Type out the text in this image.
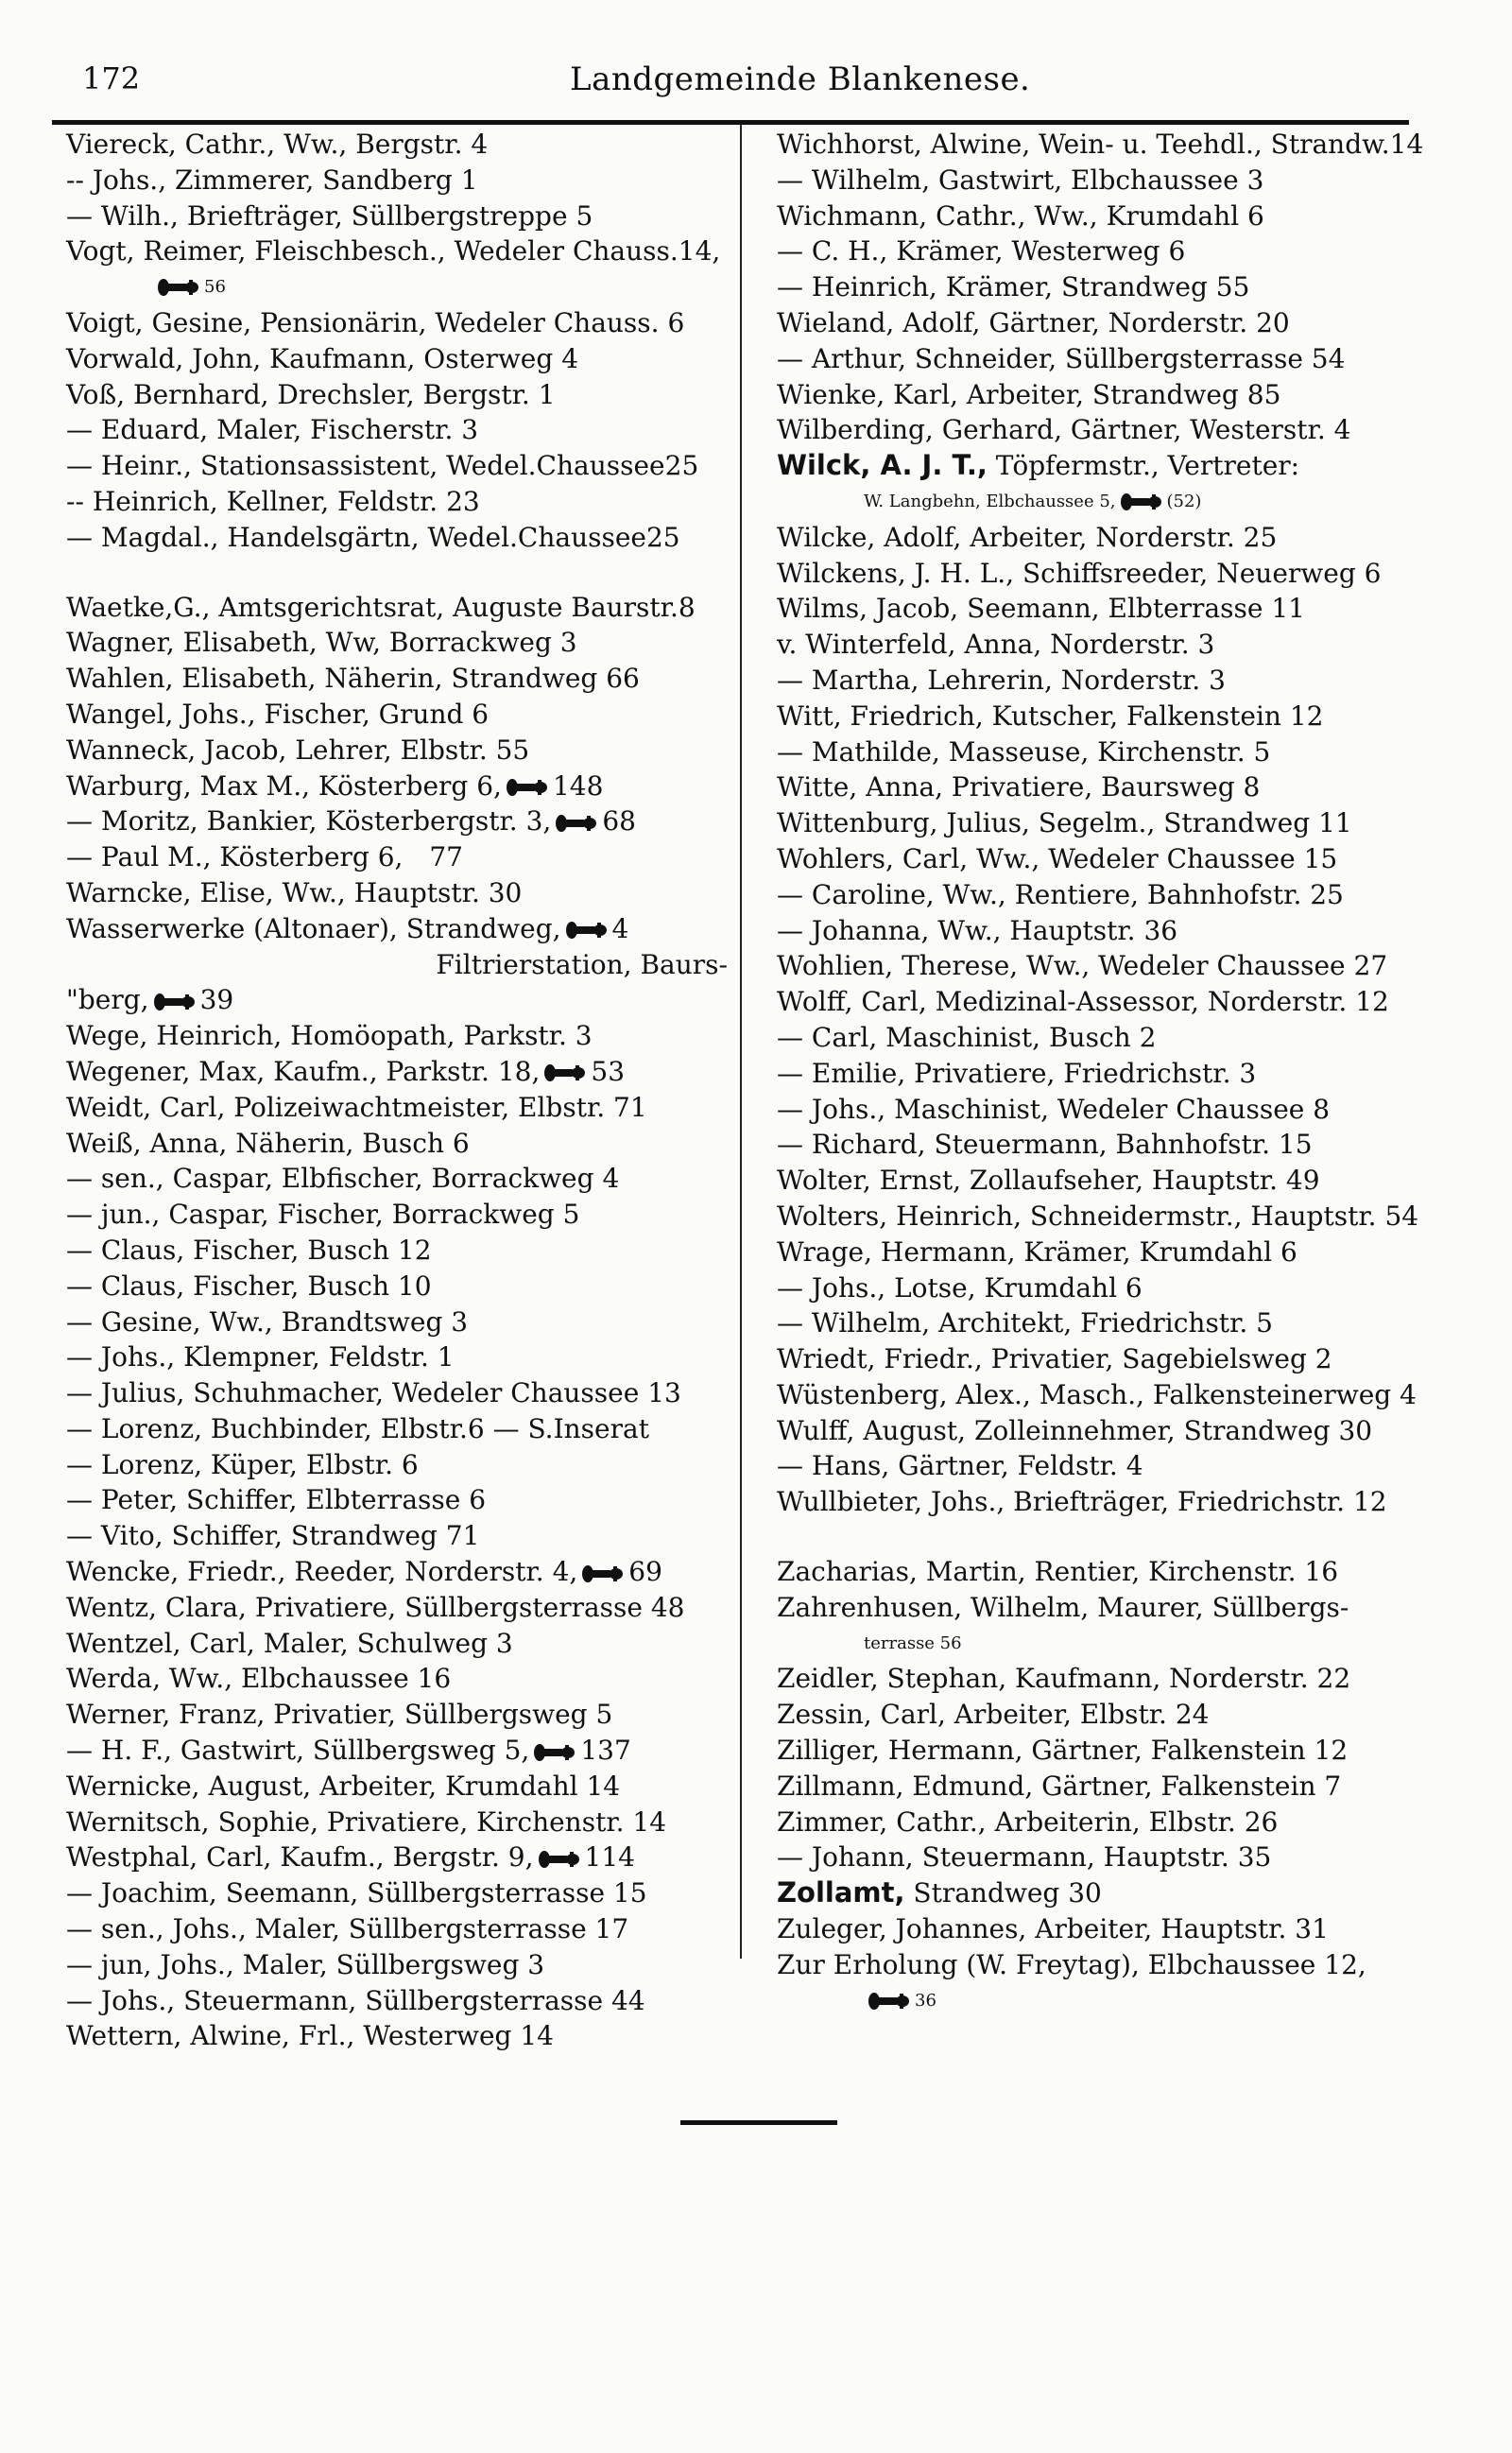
172	Landgemeinde Blankenese.
Viereck, Cathr., Ww., Bergstr. 4
-- Johs., Zimmerer, Sandberg 1
— Wilh., Briefträger, Süllbergstreppe 5
Vogt, Reimer, Fleischbesch., Wedeler Chauss.14,
56
Voigt, Gesine, Pensionärin, Wedeler Chauss. 6
Vorwald, John, Kaufmann, Osterweg 4
Voß, Bernhard, Drechsler, Bergstr. 1
— Eduard, Maler, Fischerstr. 3
— Heinr., Stationsassistent, Wedel.Chaussee25
-- Heinrich, Kellner, Feldstr. 23
— Magdal., Handelsgärtn, Wedel.Chaussee25
Waetke,G., Amtsgerichtsrat, Auguste Baurstr.8
Wagner, Elisabeth, Ww, Borrackweg 3
Wahlen, Elisabeth, Näherin, Strandweg 66
Wangel, Johs., Fischer, Grund 6
Wanneck, Jacob, Lehrer, Elbstr. 55
Warburg, Max M., Kösterberg 6, 148
— Moritz, Bankier, Kösterbergstr. 3, 68
— Paul M., Kösterberg 6, 77
Warncke, Elise, Ww., Hauptstr. 30
Wasserwerke (Altonaer), Strandweg, 4
Filtrierstation, Baurs-
"berg, 39
Wege, Heinrich, Homöopath, Parkstr. 3
Wegener, Max, Kaufm., Parkstr. 18, 53
Weidt, Carl, Polizeiwachtmeister, Elbstr. 71
Weiß, Anna, Näherin, Busch 6
— sen., Caspar, Elbfischer, Borrackweg 4
— jun., Caspar, Fischer, Borrackweg 5
— Claus, Fischer, Busch 12
— Claus, Fischer, Busch 10
— Gesine, Ww., Brandtsweg 3
— Johs., Klempner, Feldstr. 1
— Julius, Schuhmacher, Wedeler Chaussee 13
— Lorenz, Buchbinder, Elbstr.6 — S.Inserat
— Lorenz, Küper, Elbstr. 6
— Peter, Schiffer, Elbterrasse 6
— Vito, Schiffer, Strandweg 71
Wencke, Friedr., Reeder, Norderstr. 4, 69
Wentz, Clara, Privatiere, Süllbergsterrasse 48
Wentzel, Carl, Maler, Schulweg 3
Werda, Ww., Elbchaussee 16
Werner, Franz, Privatier, Süllbergsweg 5
— H. F., Gastwirt, Süllbergsweg 5, 137
Wernicke, August, Arbeiter, Krumdahl 14
Wernitsch, Sophie, Privatiere, Kirchenstr. 14
Westphal, Carl, Kaufm., Bergstr. 9, 114
— Joachim, Seemann, Süllbergsterrasse 15
— sen., Johs., Maler, Süllbergsterrasse 17
— jun, Johs., Maler, Süllbergsweg 3
— Johs., Steuermann, Süllbergsterrasse 44
Wettern, Alwine, Frl., Westerweg 14
Wichhorst, Alwine, Wein- u. Teehdl., Strandw.14
— Wilhelm, Gastwirt, Elbchaussee 3
Wichmann, Cathr., Ww., Krumdahl 6
— C. H., Krämer, Westerweg 6
— Heinrich, Krämer, Strandweg 55
Wieland, Adolf, Gärtner, Norderstr. 20
— Arthur, Schneider, Süllbergsterrasse 54
Wienke, Karl, Arbeiter, Strandweg 85
Wilberding, Gerhard, Gärtner, Westerstr. 4
Wilck, A. J. T., Töpfermstr., Vertreter:
W. Langbehn, Elbchaussee 5,	(52)
Wilcke, Adolf, Arbeiter, Norderstr. 25
Wilckens, J. H. L., Schiffsreeder, Neuerweg 6
Wilms, Jacob, Seemann, Elbterrasse 11
v. Winterfeld, Anna, Norderstr. 3
— Martha, Lehrerin, Norderstr. 3
Witt, Friedrich, Kutscher, Falkenstein 12
— Mathilde, Masseuse, Kirchenstr. 5
Witte, Anna, Privatiere, Baursweg 8
Wittenburg, Julius, Segelm., Strandweg 11
Wohlers, Carl, Ww., Wedeler Chaussee 15
— Caroline, Ww., Rentiere, Bahnhofstr. 25
— Johanna, Ww., Hauptstr. 36
Wohlien, Therese, Ww., Wedeler Chaussee 27
Wolff, Carl, Medizinal-Assessor, Norderstr. 12
— Carl, Maschinist, Busch 2
— Emilie, Privatiere, Friedrichstr. 3
— Johs., Maschinist, Wedeler Chaussee 8
— Richard, Steuermann, Bahnhofstr. 15
Wolter, Ernst, Zollaufseher, Hauptstr. 49
Wolters, Heinrich, Schneidermstr., Hauptstr. 54
Wrage, Hermann, Krämer, Krumdahl 6
— Johs., Lotse, Krumdahl 6
— Wilhelm, Architekt, Friedrichstr. 5
Wriedt, Friedr., Privatier, Sagebielsweg 2
Wüstenberg, Alex., Masch., Falkensteinerweg 4
Wulff, August, Zolleinnehmer, Strandweg 30
— Hans, Gärtner, Feldstr. 4
Wullbieter, Johs., Briefträger, Friedrichstr. 12
Zacharias, Martin, Rentier, Kirchenstr. 16
Zahrenhusen, Wilhelm, Maurer, Süllbergs-
terrasse 56
Zeidler, Stephan, Kaufmann, Norderstr. 22
Zessin, Carl, Arbeiter, Elbstr. 24
Zilliger, Hermann, Gärtner, Falkenstein 12
Zillmann, Edmund, Gärtner, Falkenstein 7
Zimmer, Cathr., Arbeiterin, Elbstr. 26
— Johann, Steuermann, Hauptstr. 35
Zollamt, Strandweg 30
Zuleger, Johannes, Arbeiter, Hauptstr. 31
Zur Erholung (W. Freytag), Elbchaussee 12,
36
